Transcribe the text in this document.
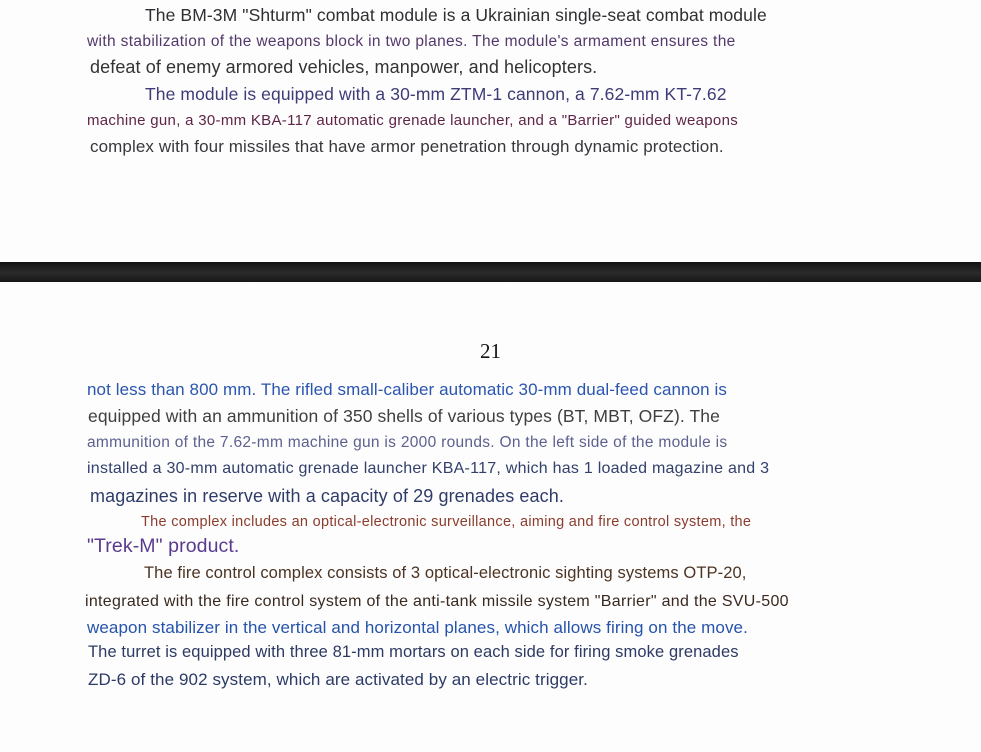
The BM-3M "Shturm" combat module is a Ukrainian single-seat combat module
with stabilization of the weapons block in two planes. The module's armament ensures the
defeat of enemy armored vehicles, manpower, and helicopters.
The module is equipped with a 30-mm ZTM-1 cannon, a 7.62-mm KT-7.62
machine gun, a 30-mm KBA-117 automatic grenade launcher, and a "Barrier" guided weapons
complex with four missiles that have armor penetration through dynamic protection.
21
not less than 800 mm. The rifled small-caliber automatic 30-mm dual-feed cannon is
equipped with an ammunition of 350 shells of various types (BT, MBT, OFZ). The
ammunition of the 7.62-mm machine gun is 2000 rounds. On the left side of the module is
installed a 30-mm automatic grenade launcher KBA-117, which has 1 loaded magazine and 3
magazines in reserve with a capacity of 29 grenades each.
The complex includes an optical-electronic surveillance, aiming and fire control system, the
"Trek-M" product.
The fire control complex consists of 3 optical-electronic sighting systems OTP-20,
integrated with the fire control system of the anti-tank missile system "Barrier" and the SVU-500
weapon stabilizer in the vertical and horizontal planes, which allows firing on the move.
The turret is equipped with three 81-mm mortars on each side for firing smoke grenades
ZD-6 of the 902 system, which are activated by an electric trigger.
